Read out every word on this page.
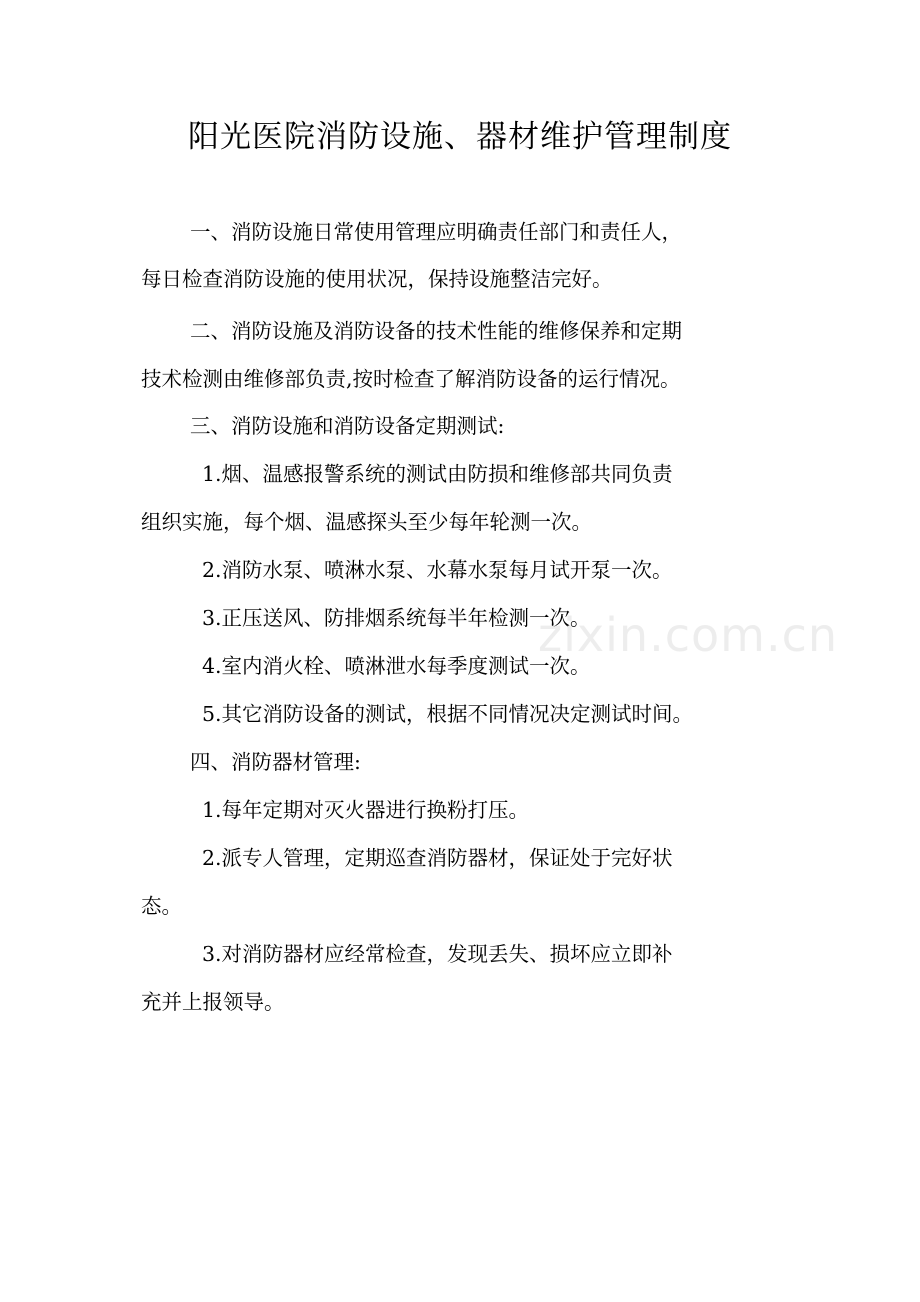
阳光医院消防设施、器材维护管理制度
一、消防设施日常使用管理应明确责任部门和责任人，
每日检查消防设施的使用状况，保持设施整洁完好。
二、消防设施及消防设备的技术性能的维修保养和定期
技术检测由维修部负责,按时检查了解消防设备的运行情况。
三、消防设施和消防设备定期测试:
1.烟、温感报警系统的测试由防损和维修部共同负责
组织实施，每个烟、温感探头至少每年轮测一次。
2.消防水泵、喷淋水泵、水幕水泵每月试开泵一次。
3.正压送风、防排烟系统每半年检测一次。
4.室内消火栓、喷淋泄水每季度测试一次。
5.其它消防设备的测试，根据不同情况决定测试时间。
四、消防器材管理:
1.每年定期对灭火器进行换粉打压。
2.派专人管理，定期巡查消防器材，保证处于完好状
态。
3.对消防器材应经常检查，发现丢失、损坏应立即补
充并上报领导。
zixin.com.cn
